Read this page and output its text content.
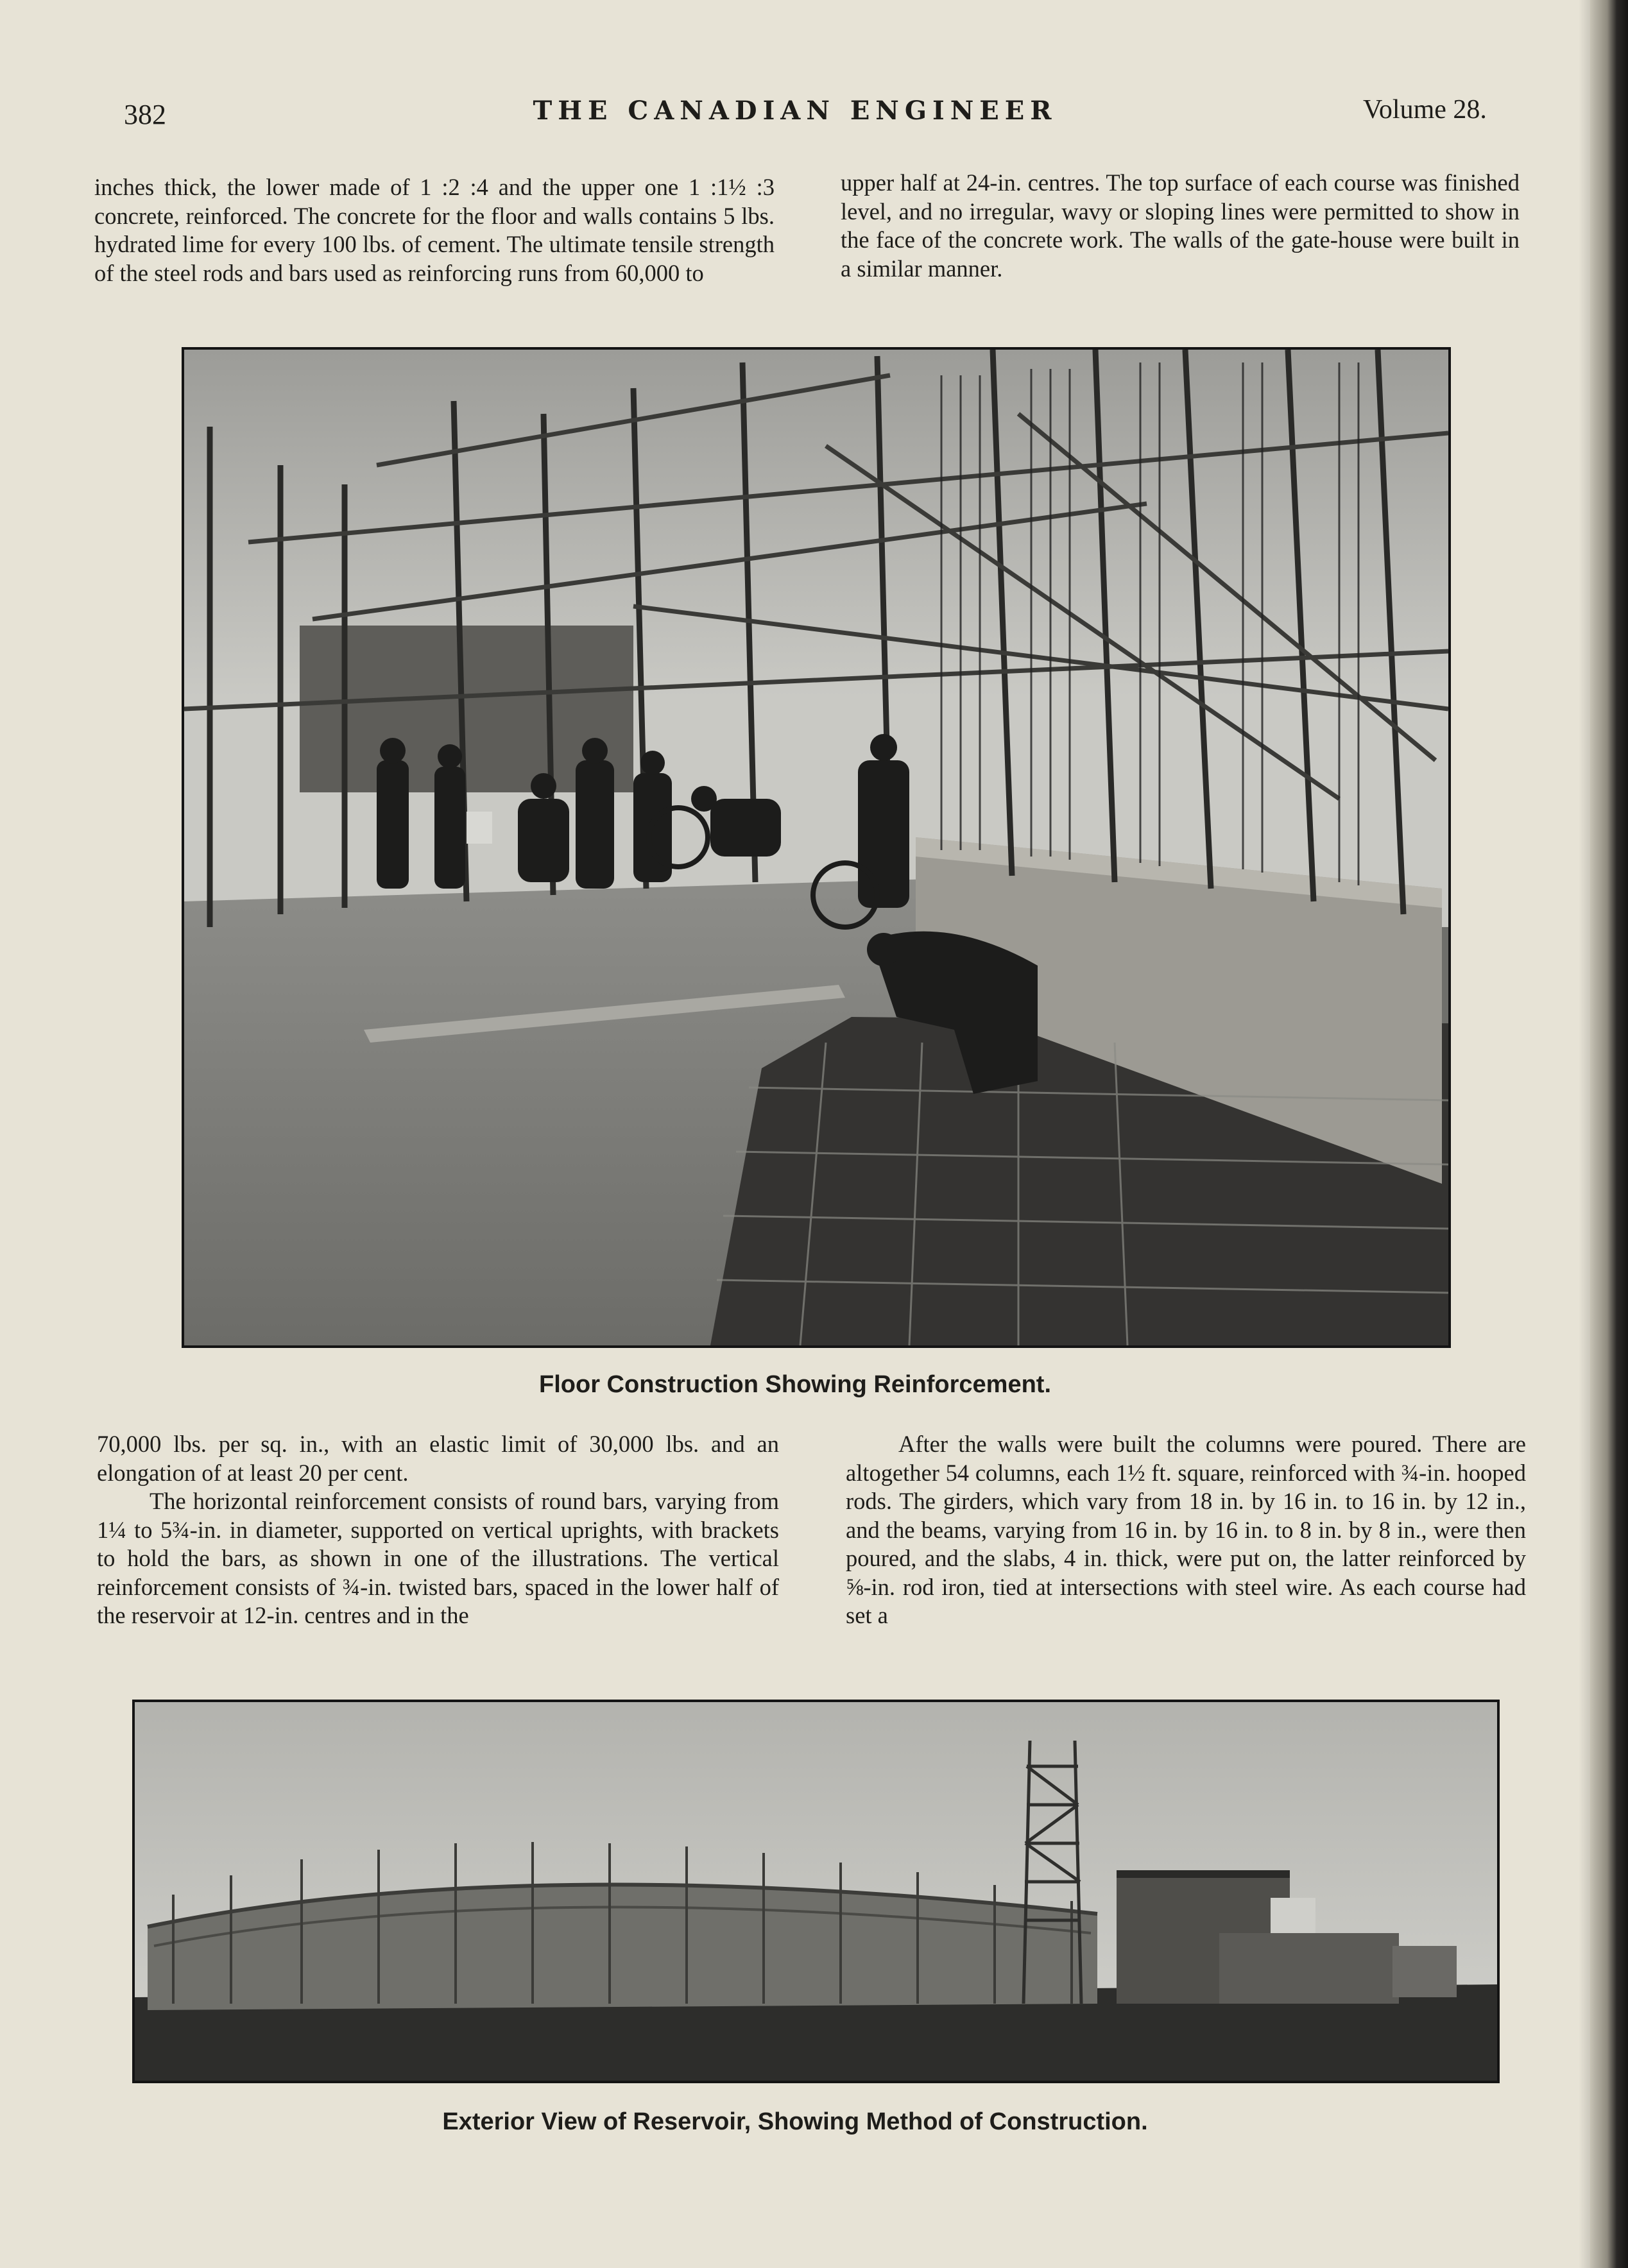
382	THE CANADIAN ENGINEER	Volume 28.

inches thick, the lower made of 1 :2 :4 and the upper one 1 :1½ :3 concrete, reinforced. The concrete for the floor and walls contains 5 lbs. hydrated lime for every 100 lbs. of cement. The ultimate tensile strength of the steel rods and bars used as reinforcing runs from 60,000 to

upper half at 24-in. centres. The top surface of each course was finished level, and no irregular, wavy or sloping lines were permitted to show in the face of the concrete work. The walls of the gate-house were built in a similar manner.

Floor Construction Showing Reinforcement.

70,000 lbs. per sq. in., with an elastic limit of 30,000 lbs. and an elongation of at least 20 per cent.

The horizontal reinforcement consists of round bars, varying from 1¼ to 5¾-in. in diameter, supported on vertical uprights, with brackets to hold the bars, as shown in one of the illustrations. The vertical reinforcement consists of ¾-in. twisted bars, spaced in the lower half of the reservoir at 12-in. centres and in the

After the walls were built the columns were poured. There are altogether 54 columns, each 1½ ft. square, reinforced with ¾-in. hooped rods. The girders, which vary from 18 in. by 16 in. to 16 in. by 12 in., and the beams, varying from 16 in. by 16 in. to 8 in. by 8 in., were then poured, and the slabs, 4 in. thick, were put on, the latter reinforced by ⅝-in. rod iron, tied at intersections with steel wire. As each course had set a

Exterior View of Reservoir, Showing Method of Construction.
